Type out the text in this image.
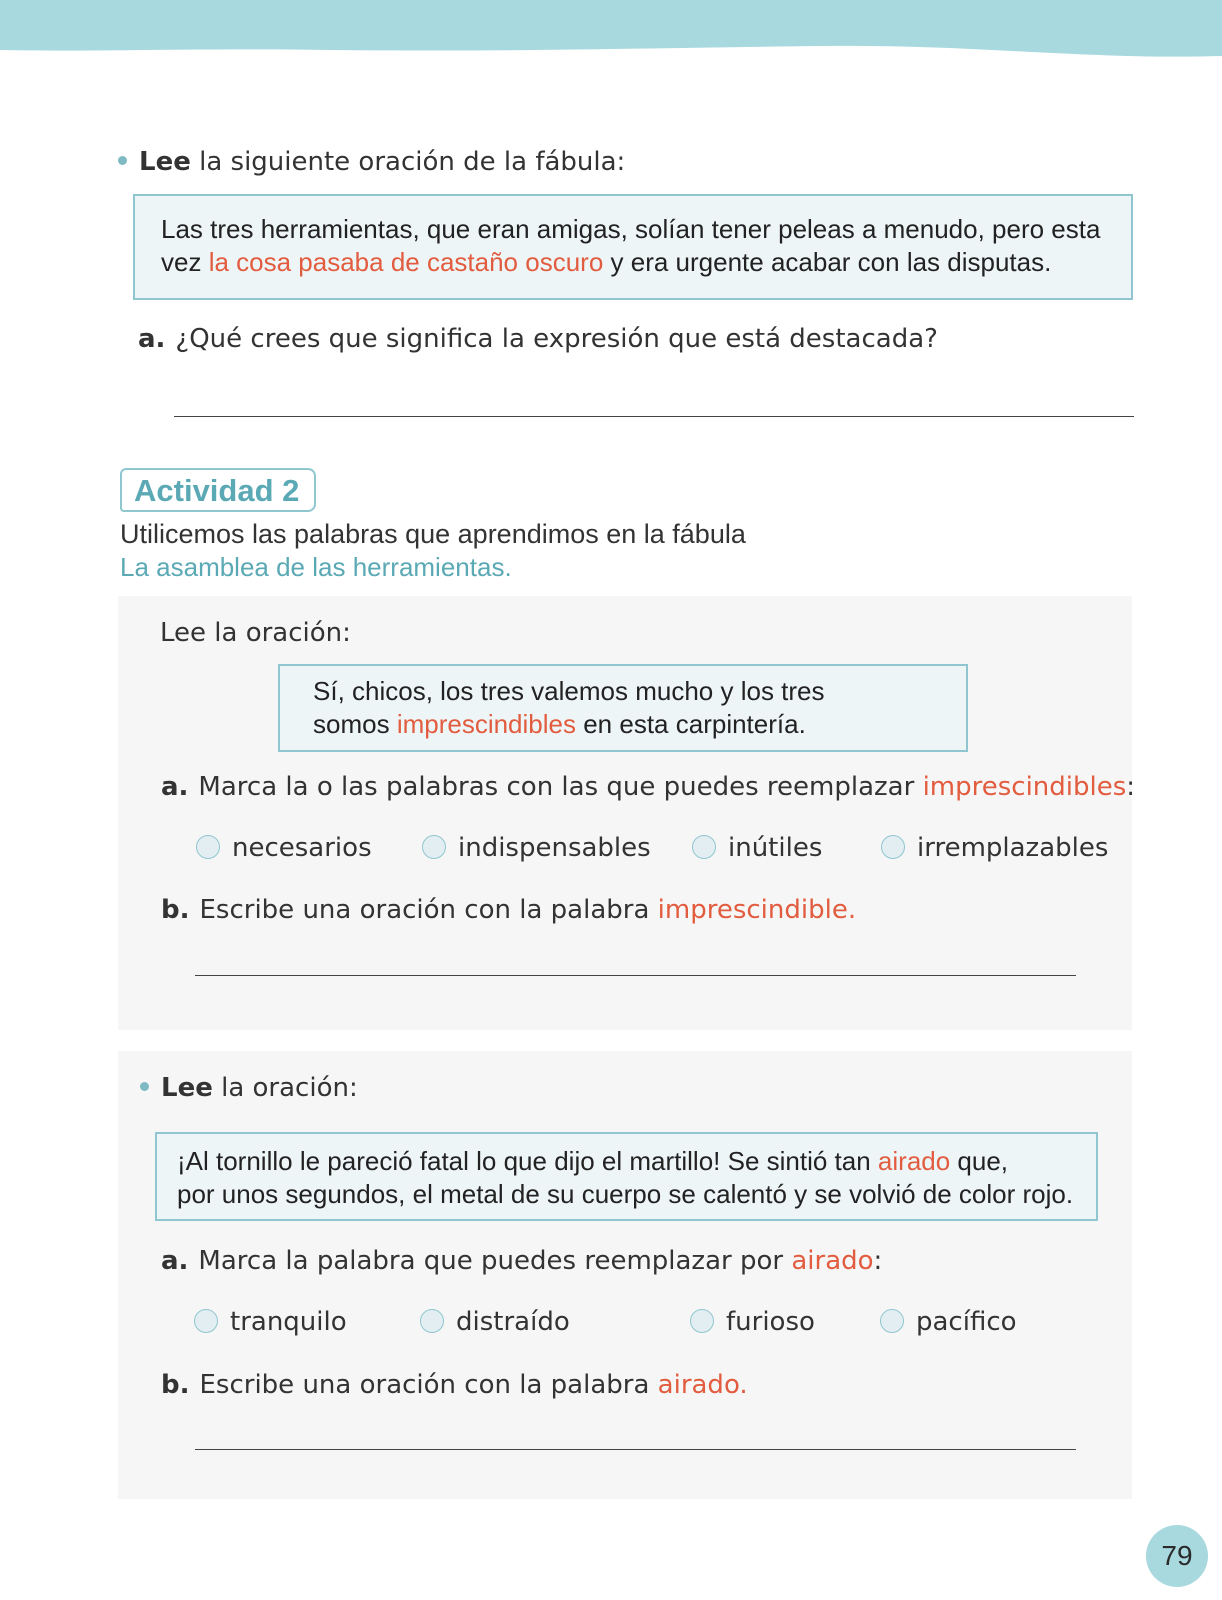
Lee la siguiente oración de la fábula:
Las tres herramientas, que eran amigas, solían tener peleas a menudo, pero esta
vez la cosa pasaba de castaño oscuro y era urgente acabar con las disputas.
a. ¿Qué crees que significa la expresión que está destacada?
Actividad 2
Utilicemos las palabras que aprendimos en la fábula
La asamblea de las herramientas.
Lee la oración:
Sí, chicos, los tres valemos mucho y los tres
somos imprescindibles en esta carpintería.
a. Marca la o las palabras con las que puedes reemplazar imprescindibles:
necesarios	indispensables	inútiles	irremplazables
b. Escribe una oración con la palabra imprescindible.
Lee la oración:
¡Al tornillo le pareció fatal lo que dijo el martillo! Se sintió tan airado que,
por unos segundos, el metal de su cuerpo se calentó y se volvió de color rojo.
a. Marca la palabra que puedes reemplazar por airado:
tranquilo	distraído	furioso	pacífico
b. Escribe una oración con la palabra airado.
79
